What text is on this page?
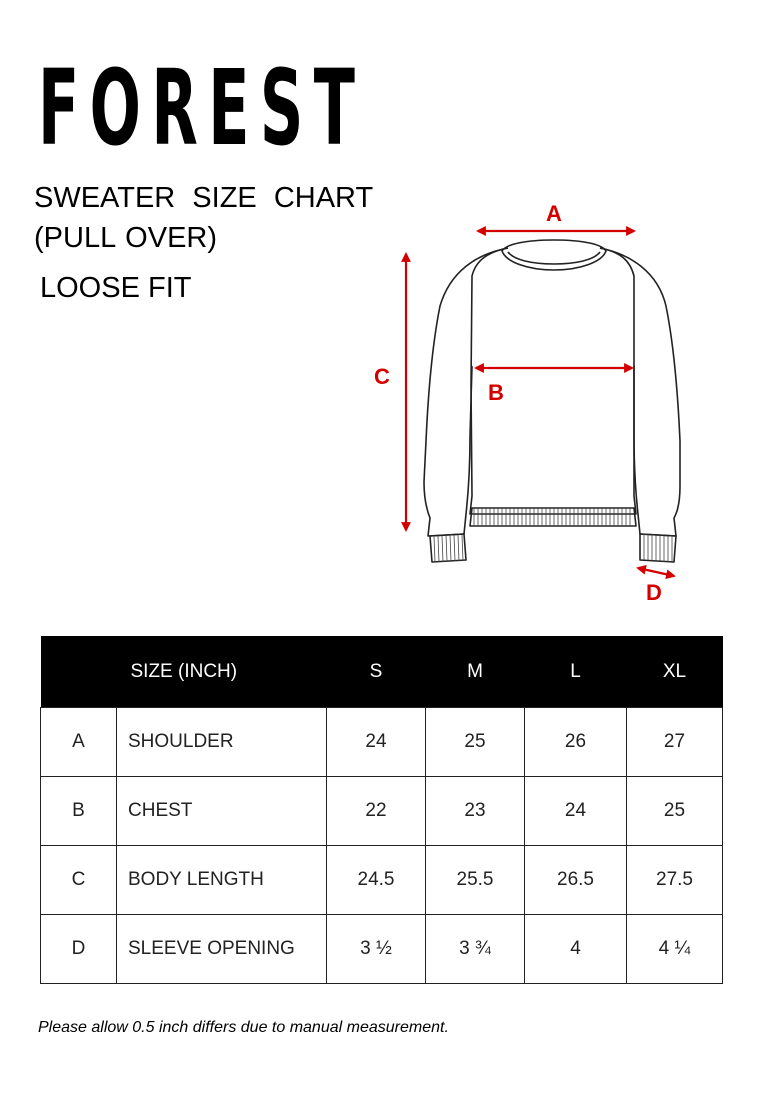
FOREST
SWEATER SIZE CHART
(PULL OVER)
LOOSE FIT
A
B
C
D
	SIZE (INCH)	S	M	L	XL
A	SHOULDER	24	25	26	27
B	CHEST	22	23	24	25
C	BODY LENGTH	24.5	25.5	26.5	27.5
D	SLEEVE OPENING	3 ½	3 ¾	4	4 ¼
Please allow 0.5 inch differs due to manual measurement.
